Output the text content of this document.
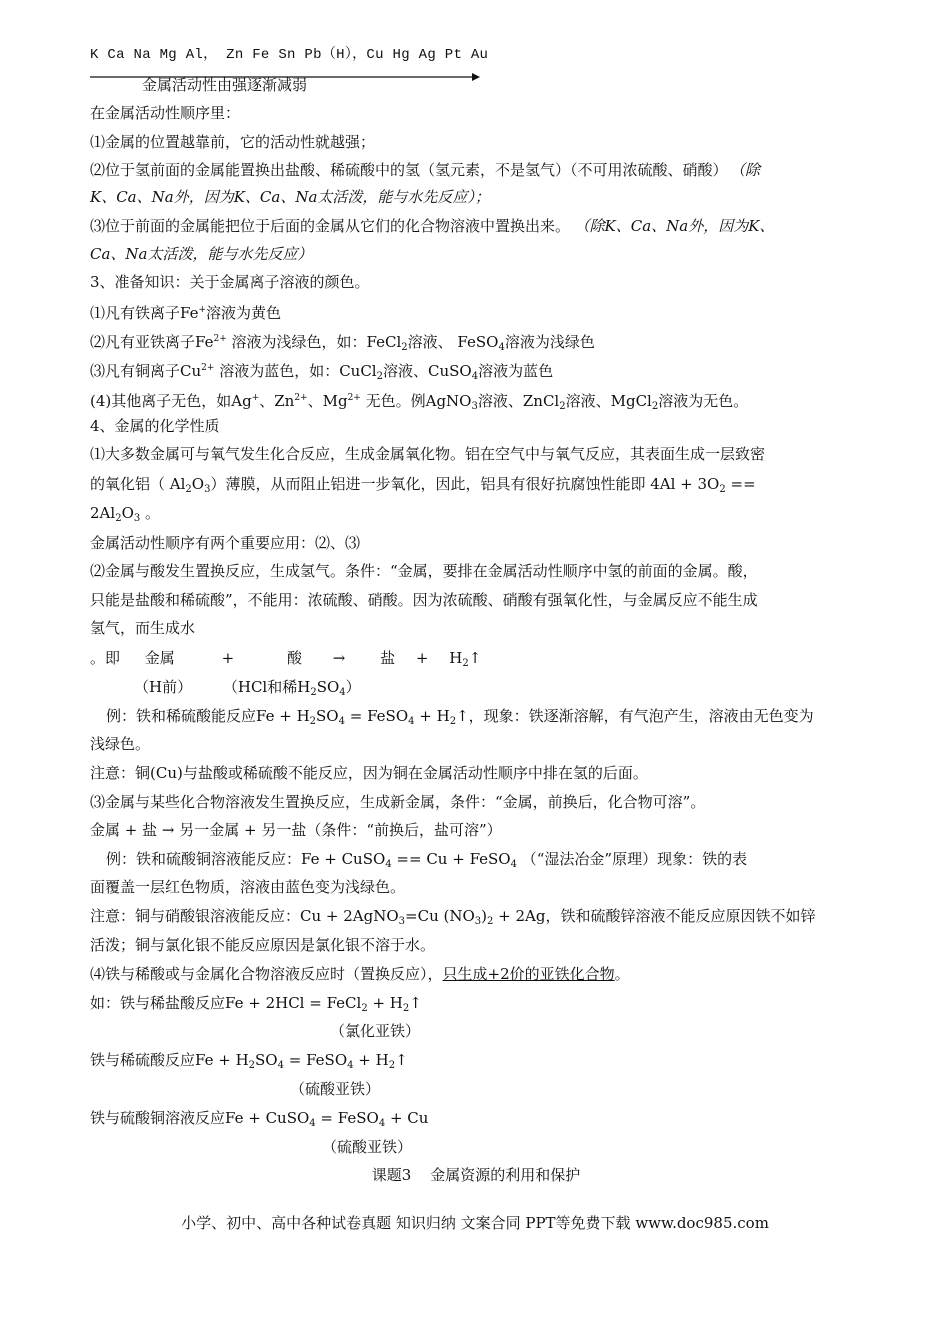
K Ca Na Mg Al， Zn Fe Sn Pb（H），Cu Hg Ag Pt Au
金属活动性由强逐渐减弱
在金属活动性顺序里：
⑴金属的位置越靠前，它的活动性就越强；
⑵位于氢前面的金属能置换出盐酸、稀硫酸中的氢（氢元素，不是氢气）（不可用浓硫酸、硝酸） （除
K、Ca、Na外，因为K、Ca、Na太活泼，能与水先反应）；
⑶位于前面的金属能把位于后面的金属从它们的化合物溶液中置换出来。 （除K、Ca、Na外，因为K、
Ca、Na太活泼，能与水先反应）
3、准备知识：关于金属离子溶液的颜色。
⑴凡有铁离子Fe+溶液为黄色
⑵凡有亚铁离子$Fe^{2+}$ 溶液为浅绿色，如：FeCl$_2$溶液、 FeSO$_4$溶液为浅绿色
⑶凡有铜离子$Cu^{2+}$ 溶液为蓝色，如：CuCl$_2$溶液、CuSO$_4$溶液为蓝色
(4)其他离子无色，如Ag+、$Zn^{2+}$、$Mg^{2+}$ 无色。例AgNO$_3$溶液、ZnCl$_2$溶液、MgCl$_2$溶液为无色。
4、金属的化学性质
⑴大多数金属可与氧气发生化合反应，生成金属氧化物。铝在空气中与氧气反应，其表面生成一层致密
的氧化铝（ $Al_2O_3$）薄膜，从而阻止铝进一步氧化，因此，铝具有很好抗腐蚀性能即 $4Al + 3O_2$ ==
$2Al_2O_3$ 。
金属活动性顺序有两个重要应用：⑵、⑶
⑵金属与酸发生置换反应，生成氢气。条件：“金属，要排在金属活动性顺序中氢的前面的金属。酸，
只能是盐酸和稀硫酸”，不能用：浓硫酸、硝酸。因为浓硫酸、硝酸有强氧化性，与金属反应不能生成
氢气，而生成水
。即 金属	+	酸 → 盐 + $H_2↑$
（H前） （HCl和稀$H_2SO_4$）
例：铁和稀硫酸能反应$Fe + H_2SO_4$ = FeSO$_4$ + $H_2↑$，现象：铁逐渐溶解，有气泡产生，溶液由无色变为
浅绿色。
注意：铜(Cu)与盐酸或稀硫酸不能反应，因为铜在金属活动性顺序中排在氢的后面。
⑶金属与某些化合物溶液发生置换反应，生成新金属，条件：“金属，前换后，化合物可溶”。
金属 + 盐 → 另一金属 + 另一盐（条件：“前换后，盐可溶”）
例：铁和硫酸铜溶液能反应：Fe + CuSO$_4$ == Cu + FeSO$_4$ （“湿法冶金”原理）现象：铁的表
面覆盖一层红色物质，溶液由蓝色变为浅绿色。
注意：铜与硝酸银溶液能反应：Cu + 2AgNO$_3$=Cu $(NO_3)_2 + 2Ag$，铁和硫酸锌溶液不能反应原因铁不如锌
活泼；铜与氯化银不能反应原因是氯化银不溶于水。
⑷铁与稀酸或与金属化合物溶液反应时（置换反应），只生成+2价的亚铁化合物。
如：铁与稀盐酸反应Fe + 2HCl = FeCl$_2$ + $H_2↑$
（氯化亚铁）
铁与稀硫酸反应$Fe + H_2SO_4$ = FeSO$_4$ + $H_2↑$
（硫酸亚铁）
铁与硫酸铜溶液反应Fe + CuSO$_4$ = FeSO$_4$ + Cu
（硫酸亚铁）
课题3    金属资源的利用和保护
小学、初中、高中各种试卷真题 知识归纳 文案合同 PPT等免费下载 www.doc985.com
